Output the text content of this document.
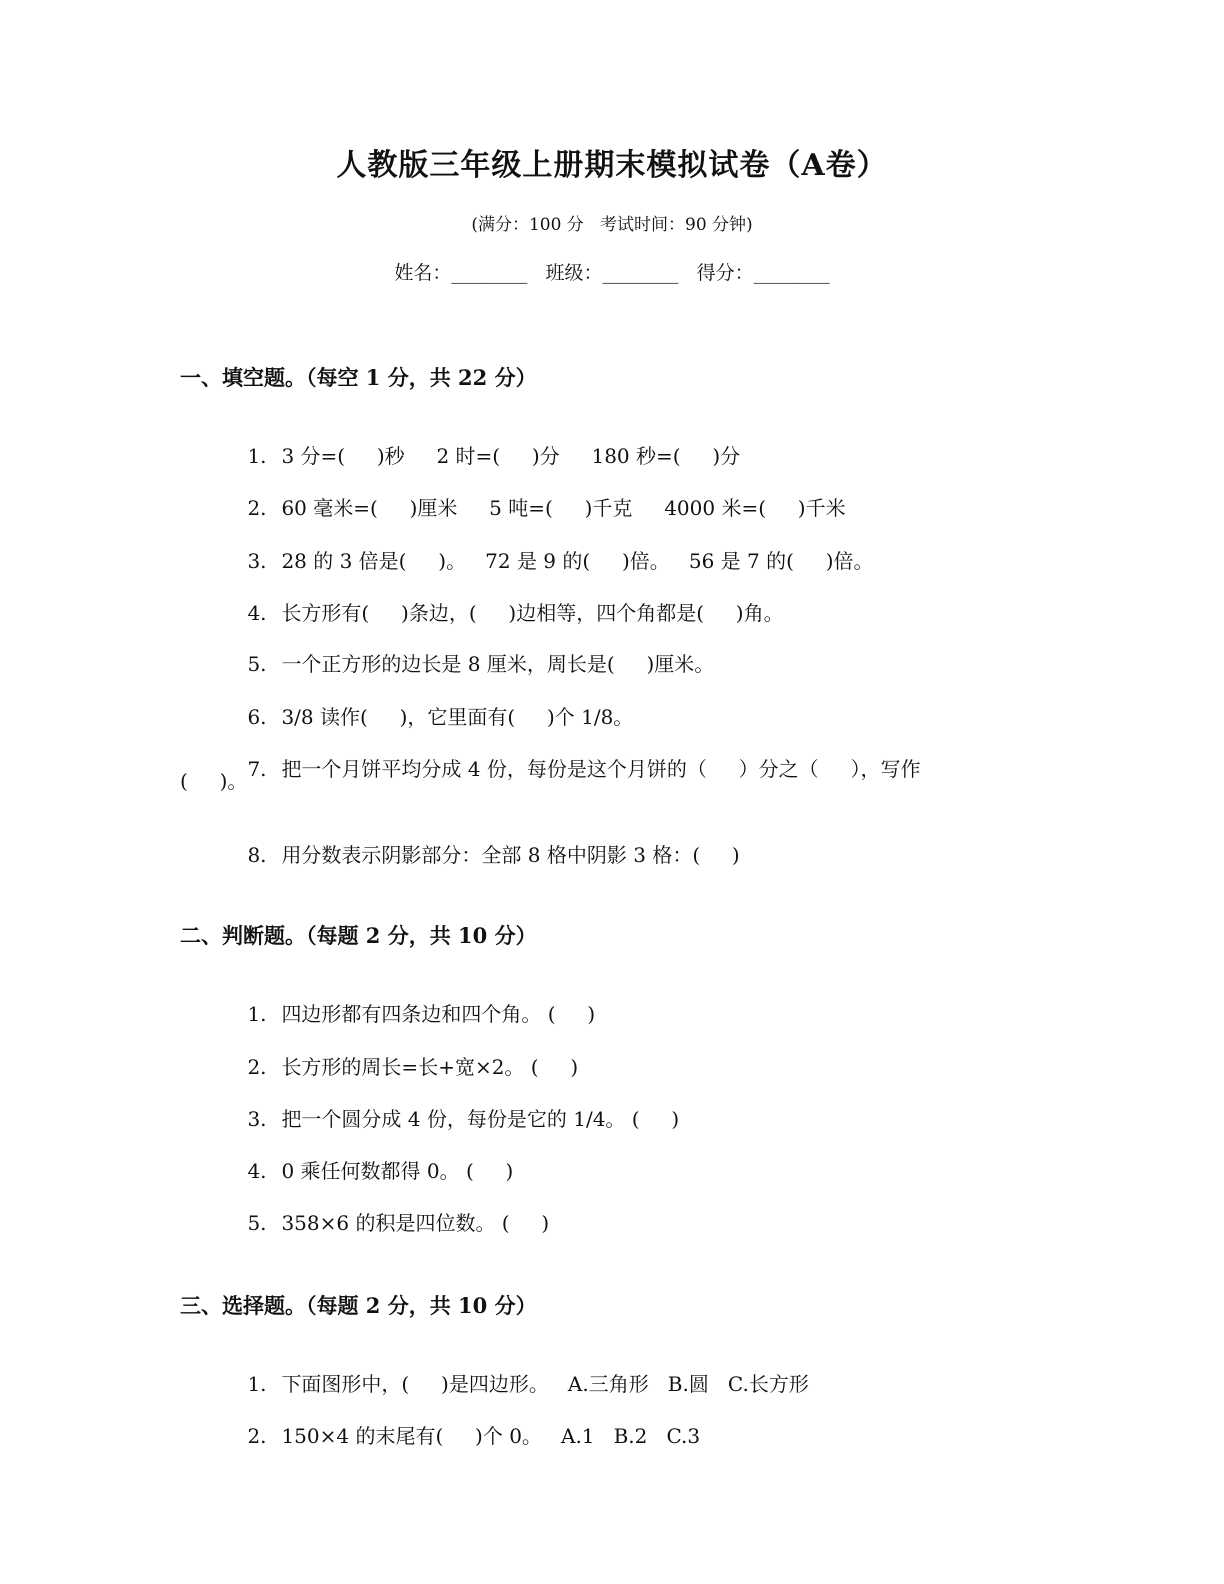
人教版三年级上册期末模拟试卷（A卷）
(满分：100 分   考试时间：90 分钟)
姓名：________   班级：________   得分：________
一、填空题。（每空 1 分，共 22 分）

1. 3 分=(     )秒     2 时=(     )分     180 秒=(     )分

2. 60 毫米=(     )厘米     5 吨=(     )千克     4000 米=(     )千米

3. 28 的 3 倍是(     )。   72 是 9 的(     )倍。   56 是 7 的(     )倍。

4. 长方形有(     )条边，(     )边相等，四个角都是(     )角。

5. 一个正方形的边长是 8 厘米，周长是(     )厘米。

6. 3/8 读作(     )，它里面有(     )个 1/8。

7. 把一个月饼平均分成 4 份，每份是这个月饼的（     ）分之（     ），写作

(     )。

8. 用分数表示阴影部分：全部 8 格中阴影 3 格：(     )

二、判断题。（每题 2 分，共 10 分）

1. 四边形都有四条边和四个角。 (     )

2. 长方形的周长=长+宽×2。 (     )

3. 把一个圆分成 4 份，每份是它的 1/4。 (     )

4. 0 乘任何数都得 0。 (     )

5. 358×6 的积是四位数。 (     )

三、选择题。（每题 2 分，共 10 分）

1. 下面图形中，(     )是四边形。   A.三角形   B.圆   C.长方形

2. 150×4 的末尾有(     )个 0。   A.1   B.2   C.3
